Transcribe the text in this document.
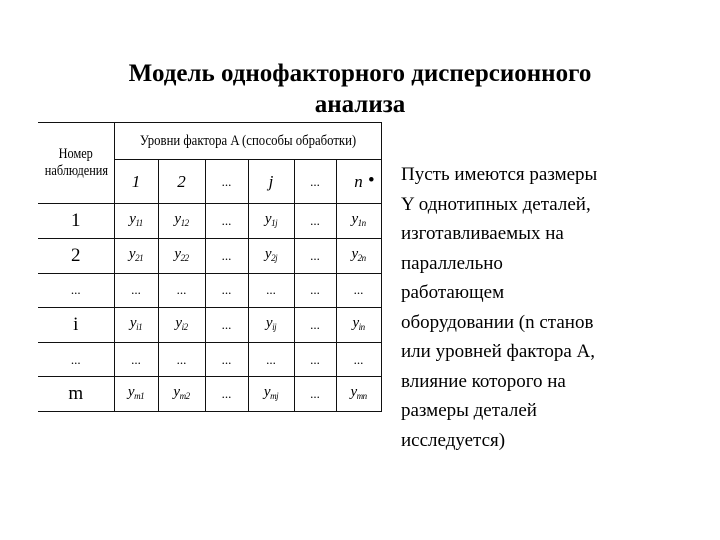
Модель однофакторного дисперсионного
анализа
Номер
наблюдения	Уровни фактора A (способы обработки)					

	1	2	...	j	...	n
1	$y_{11}$	$y_{12}$	...	$y_{1j}$	...	$y_{1n}$
2	$y_{21}$	$y_{22}$	...	$y_{2j}$	...	$y_{2n}$
...	...	...	...	...	...	...
i	$y_{i1}$	$y_{i2}$	...	$y_{ij}$	...	$y_{in}$
...	...	...	...	...	...	...
m	$y_{m1}$	$y_{m2}$	...	$y_{mj}$	...	$y_{mn}$
• Пусть имеются размеры
Y однотипных деталей,
изготавливаемых на
параллельно
работающем
оборудовании (n станов
или уровней фактора А,
влияние которого на
размеры деталей
исследуется)
